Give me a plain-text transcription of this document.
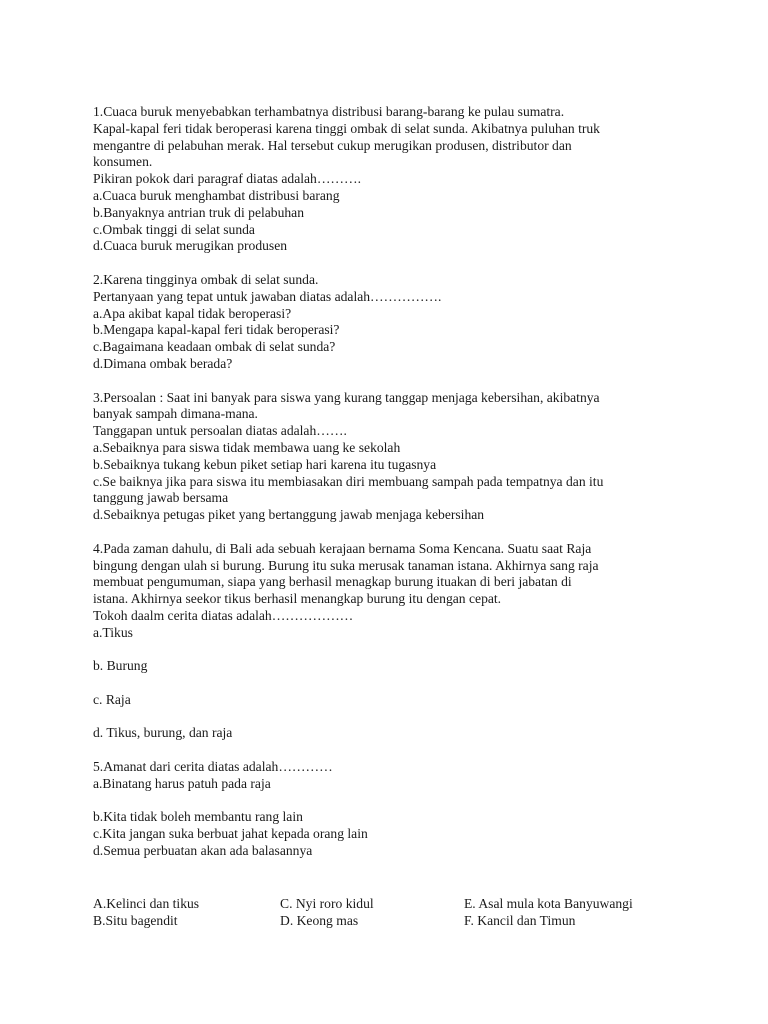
1.Cuaca buruk menyebabkan terhambatnya distribusi barang-barang ke pulau sumatra.
Kapal-kapal feri tidak beroperasi karena tinggi ombak di selat sunda. Akibatnya puluhan truk
mengantre di pelabuhan merak. Hal tersebut cukup merugikan produsen, distributor dan
konsumen.
Pikiran pokok dari paragraf diatas adalah……….
a.Cuaca buruk menghambat distribusi barang
b.Banyaknya antrian truk di pelabuhan
c.Ombak tinggi di selat sunda
d.Cuaca buruk merugikan produsen
2.Karena tingginya ombak di selat sunda.
Pertanyaan yang tepat untuk jawaban diatas adalah…………….
a.Apa akibat kapal tidak beroperasi?
b.Mengapa kapal-kapal feri tidak beroperasi?
c.Bagaimana keadaan ombak di selat sunda?
d.Dimana ombak berada?
3.Persoalan : Saat ini banyak para siswa yang kurang tanggap menjaga kebersihan, akibatnya
banyak sampah dimana-mana.
Tanggapan untuk persoalan diatas adalah…….
a.Sebaiknya para siswa tidak membawa uang ke sekolah
b.Sebaiknya tukang kebun piket setiap hari karena itu tugasnya
c.Se baiknya jika para siswa itu membiasakan diri membuang sampah pada tempatnya dan itu
tanggung jawab bersama
d.Sebaiknya petugas piket yang bertanggung jawab menjaga kebersihan
4.Pada zaman dahulu, di Bali ada sebuah kerajaan bernama Soma Kencana. Suatu saat Raja
bingung dengan ulah si burung. Burung itu suka merusak tanaman istana. Akhirnya sang raja
membuat pengumuman, siapa yang berhasil menagkap burung ituakan di beri jabatan di
istana. Akhirnya seekor tikus berhasil menangkap burung itu dengan cepat.
Tokoh daalm cerita diatas adalah………………
a.Tikus
b. Burung
c. Raja
d. Tikus, burung, dan raja
5.Amanat dari cerita diatas adalah…………
a.Binatang harus patuh pada raja
b.Kita tidak boleh membantu rang lain
c.Kita jangan suka berbuat jahat kepada orang lain
d.Semua perbuatan akan ada balasannya
A.Kelinci dan tikus	C. Nyi roro kidul	E. Asal mula kota Banyuwangi
B.Situ bagendit	D. Keong mas	F. Kancil dan Timun
